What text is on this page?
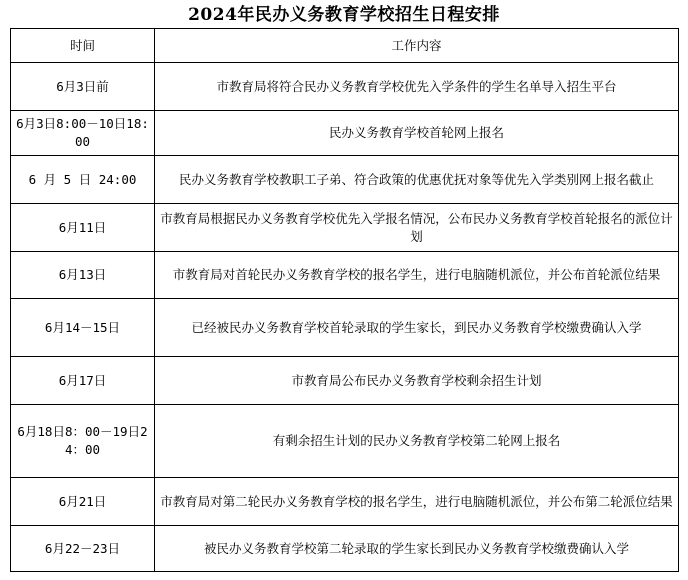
2024年民办义务教育学校招生日程安排
时间	工作内容
6月3日前	市教育局将符合民办义务教育学校优先入学条件的学生名单导入招生平台
6月3日8:00－10日18:00	民办义务教育学校首轮网上报名
6 月 5 日 24:00	民办义务教育学校教职工子弟、符合政策的优惠优抚对象等优先入学类别网上报名截止
6月11日	市教育局根据民办义务教育学校优先入学报名情况，公布民办义务教育学校首轮报名的派位计划
6月13日	市教育局对首轮民办义务教育学校的报名学生，进行电脑随机派位，并公布首轮派位结果
6月14－15日	已经被民办义务教育学校首轮录取的学生家长，到民办义务教育学校缴费确认入学
6月17日	市教育局公布民办义务教育学校剩余招生计划
6月18日8：00－19日24：00	有剩余招生计划的民办义务教育学校第二轮网上报名
6月21日	市教育局对第二轮民办义务教育学校的报名学生，进行电脑随机派位，并公布第二轮派位结果
6月22－23日	被民办义务教育学校第二轮录取的学生家长到民办义务教育学校缴费确认入学
